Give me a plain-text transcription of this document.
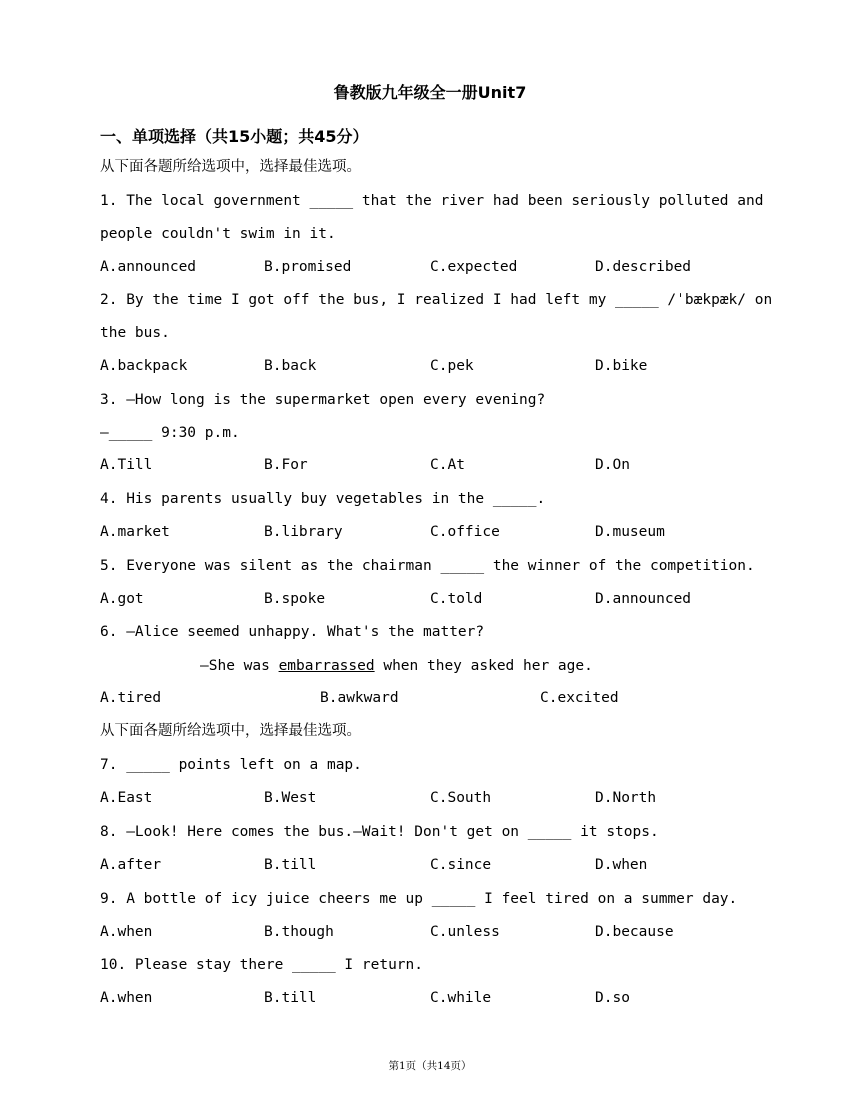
鲁教版九年级全一册Unit7
一、单项选择（共15小题；共45分）
从下面各题所给选项中，选择最佳选项。
1. The local government _____ that the river had been seriously polluted and
people couldn't swim in it.
A.announced	B.promised	C.expected	D.described
2. By the time I got off the bus, I realized I had left my _____ /ˈbækpæk/ on
the bus.
A.backpack	B.back	C.pek	D.bike
3. —How long is the supermarket open every evening?
—_____ 9:30 p.m.
A.Till	B.For	C.At	D.On
4. His parents usually buy vegetables in the _____.
A.market	B.library	C.office	D.museum
5. Everyone was silent as the chairman _____ the winner of the competition.
A.got	B.spoke	C.told	D.announced
6. —Alice seemed unhappy. What's the matter?
—She was embarrassed when they asked her age.
A.tired	B.awkward	C.excited
从下面各题所给选项中，选择最佳选项。
7. _____ points left on a map.
A.East	B.West	C.South	D.North
8. —Look! Here comes the bus.—Wait! Don't get on _____ it stops.
A.after	B.till	C.since	D.when
9. A bottle of icy juice cheers me up _____ I feel tired on a summer day.
A.when	B.though	C.unless	D.because
10. Please stay there _____ I return.
A.when	B.till	C.while	D.so
第1页（共14页）
